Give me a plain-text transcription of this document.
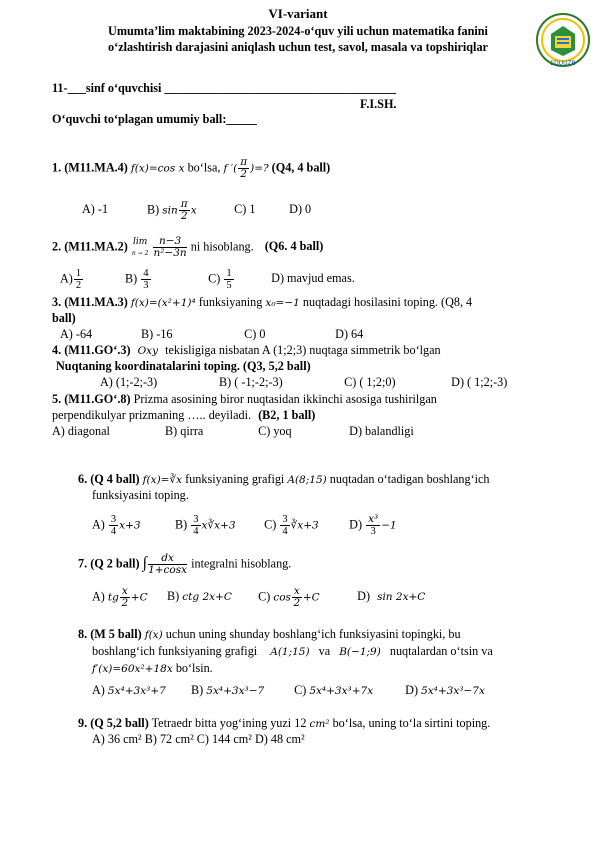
EDUUZB
VI-variant
Umumta’lim maktabining 2023-2024-o‘quv yili uchun matematika fanini
o‘zlashtirish darajasini aniqlash uchun test, savol, masala va topshiriqlar
11-___sinf o‘quvchisi ______________________________________
F.I.SH.
O‘quvchi to‘plagan umumiy ball:_____
1. (M11.MA.4) f(x)=cos x bo‘lsa, f ′( $\frac{\pi}{2}$ )=? (Q4, 4 ball)
A) -1	B) $\sin \frac{\pi}{2}$ x	C) 1	D) 0
2. (M11.MA.2) lim
n → 2
$\frac{n-3}{\text{n²−3n}}$ ni hisoblang. (Q6. 4 ball)
$A) \frac{1}{2}$	$B) \frac{4}{3}$	$C) \frac{1}{5}$	D) mavjud emas.
3. (M11.MA.3) f(x)=(x²+1)⁴ funksiyaning x₀=−1 nuqtadagi hosilasini toping. (Q8, 4
ball)
A) -64	B) -16	C) 0	D) 64
4. (M11.GO‘.3) Oxy tekisligiga nisbatan A (1;2;3) nuqtaga simmetrik bo‘lgan
Nuqtaning koordinatalarini toping. (Q3, 5,2 ball)
A) (1;-2;-3)	B) ( -1;-2;-3)	C) ( 1;2;0)	D) ( 1;2;-3)
5. (M11.GO‘.8) Prizma asosining biror nuqtasidan ikkinchi asosiga tushirilgan
perpendikulyar prizmaning ….. deyiladi. (B2, 1 ball)
A) diagonal	B) qirra	C) yoq	D) balandligi
6. (Q 4 ball) f(x)=∛x funksiyaning grafigi A(8;15) nuqtadan o‘tadigan boshlang‘ich
funksiyasini toping.
$A) \frac{3}{4} x+3$	$B) \frac{3}{4}$ x∛x+3 $C) \frac{3}{4}$ ∛x+3 $D) \frac{\text{x³}}{3} -1$
7. (Q 2 ball) ∫ $\frac{dx}{1+\cos x}$ integralni hisoblang.
A) tg $\frac{x}{2} +C$ B) ctg 2x+C C) $\cos \frac{x}{2} +C$	D) sin 2x+C
8. (M 5 ball) f(x) uchun uning shunday boshlang‘ich funksiyasini topingki, bu
boshlang‘ich funksiyaning grafigi A(1;15) va B(−1;9) nuqtalardan o‘tsin va
f′(x)=60x²+18x bo‘lsin.
A) 5x⁴+3x³+7 B) 5x⁴+3x³−7 C) 5x⁴+3x³+7x	D) 5x⁴+3x³−7x
9. (Q 5,2 ball) Tetraedr bitta yog‘ining yuzi 12 cm² bo‘lsa, uning to‘la sirtini toping.
A) 36 cm² B) 72 cm² C) 144 cm² D) 48 cm²
